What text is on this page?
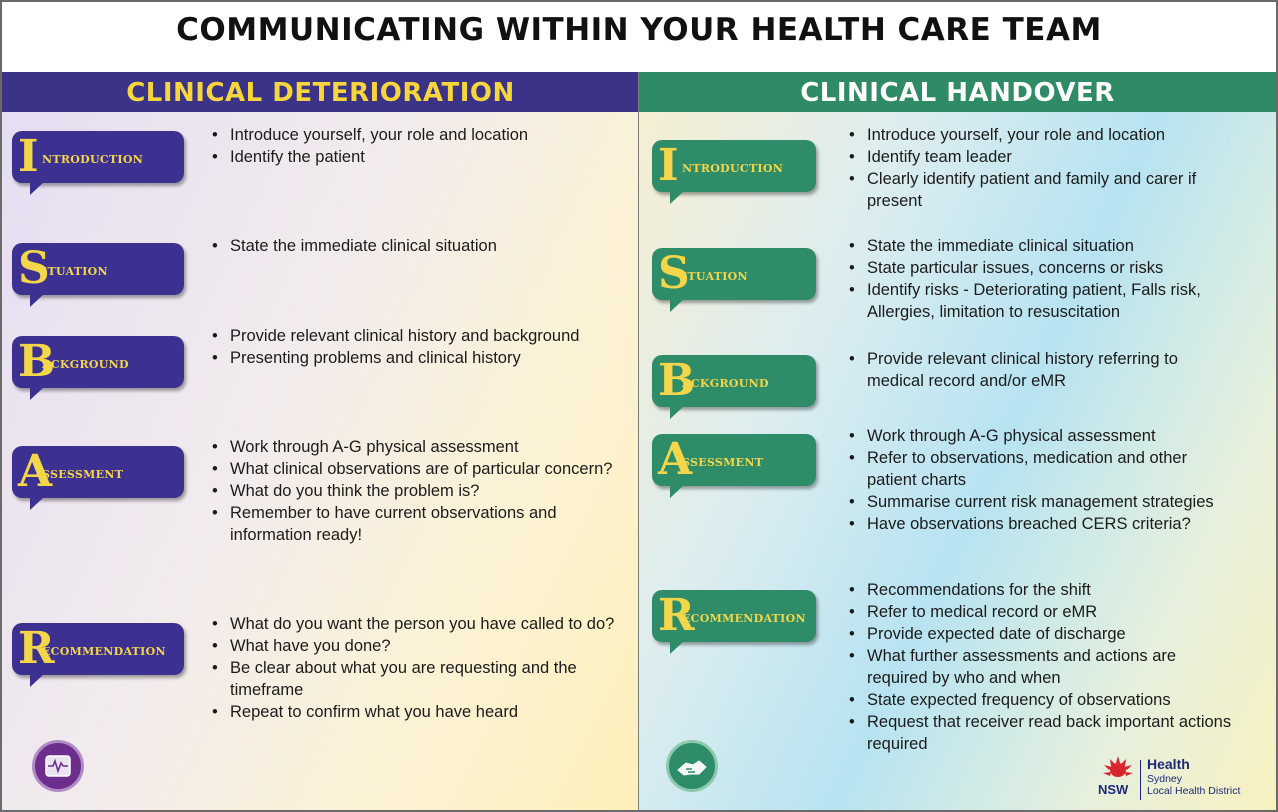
COMMUNICATING WITHIN YOUR HEALTH CARE TEAM
CLINICAL DETERIORATION
I NTRODUCTION
• Introduce yourself, your role and location
• Identify the patient
S
ITUATION
• State the immediate clinical situation
B
ACKGROUND
• Provide relevant clinical history and background
• Presenting problems and clinical history
A
SSESSMENT
• Work through A-G physical assessment
• What clinical observations are of particular concern?
• What do you think the problem is?
• Remember to have current observations and information ready!
R
ECOMMENDATION
• What do you want the person you have called to do?
• What have you done?
• Be clear about what you are requesting and the timeframe
• Repeat to confirm what you have heard
CLINICAL HANDOVER
I NTRODUCTION
• Introduce yourself, your role and location
• Identify team leader
• Clearly identify patient and family and carer if present
S
ITUATION
• State the immediate clinical situation
• State particular issues, concerns or risks
• Identify risks - Deteriorating patient, Falls risk, Allergies, limitation to resuscitation
B
ACKGROUND
• Provide relevant clinical history referring to medical record and/or eMR
A
SSESSMENT
• Work through A-G physical assessment
• Refer to observations, medication and other patient charts
• Summarise current risk management strategies
• Have observations breached CERS criteria?
R
ECOMMENDATION
• Recommendations for the shift
• Refer to medical record or eMR
• Provide expected date of discharge
• What further assessments and actions are required by who and when
• State expected frequency of observations
• Request that receiver read back important actions required
NSW
Health
Sydney
Local Health District
